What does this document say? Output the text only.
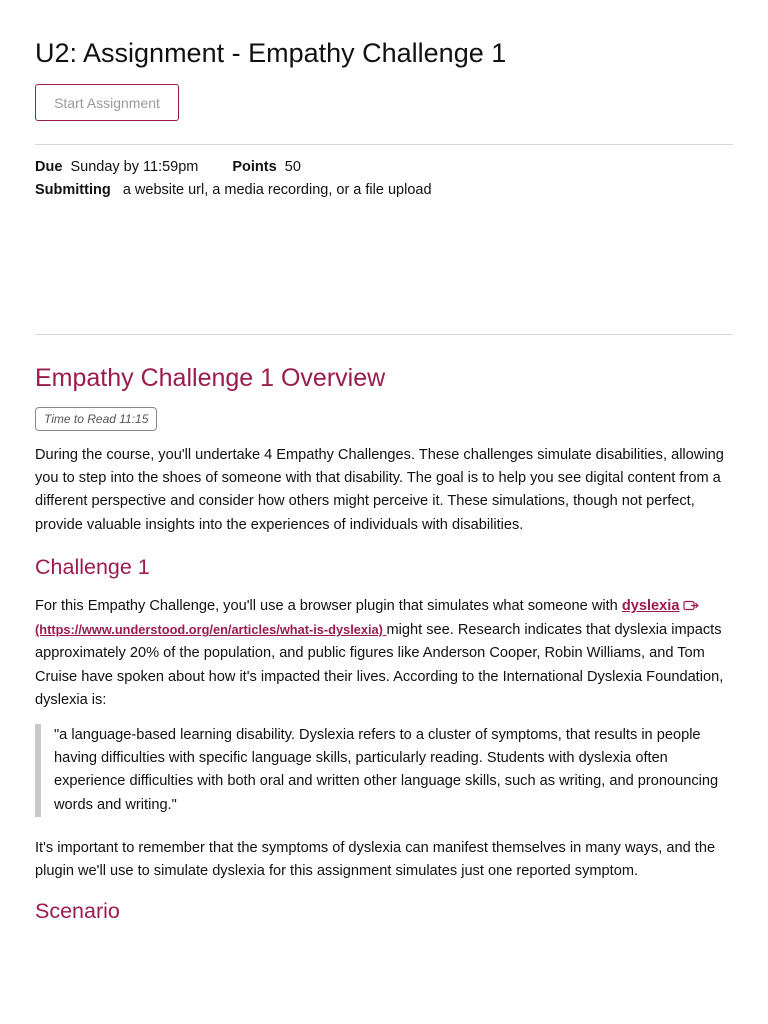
U2: Assignment - Empathy Challenge 1
Start Assignment
Due Sunday by 11:59pm Points 50
Submitting a website url, a media recording, or a file upload
Empathy Challenge 1 Overview
Time to Read 11:15

During the course, you'll undertake 4 Empathy Challenges. These challenges simulate disabilities, allowing you to step into the shoes of someone with that disability. The goal is to help you see digital content from a different perspective and consider how others might perceive it. These simulations, though not perfect, provide valuable insights into the experiences of individuals with disabilities.

Challenge 1

For this Empathy Challenge, you'll use a browser plugin that simulates what someone with dyslexia (https://www.understood.org/en/articles/what-is-dyslexia) might see. Research indicates that dyslexia impacts approximately 20% of the population, and public figures like Anderson Cooper, Robin Williams, and Tom Cruise have spoken about how it's impacted their lives. According to the International Dyslexia Foundation, dyslexia is:

"a language-based learning disability. Dyslexia refers to a cluster of symptoms, that results in people having difficulties with specific language skills, particularly reading. Students with dyslexia often experience difficulties with both oral and written other language skills, such as writing, and pronouncing words and writing."

It's important to remember that the symptoms of dyslexia can manifest themselves in many ways, and the plugin we'll use to simulate dyslexia for this assignment simulates just one reported symptom.

Scenario
